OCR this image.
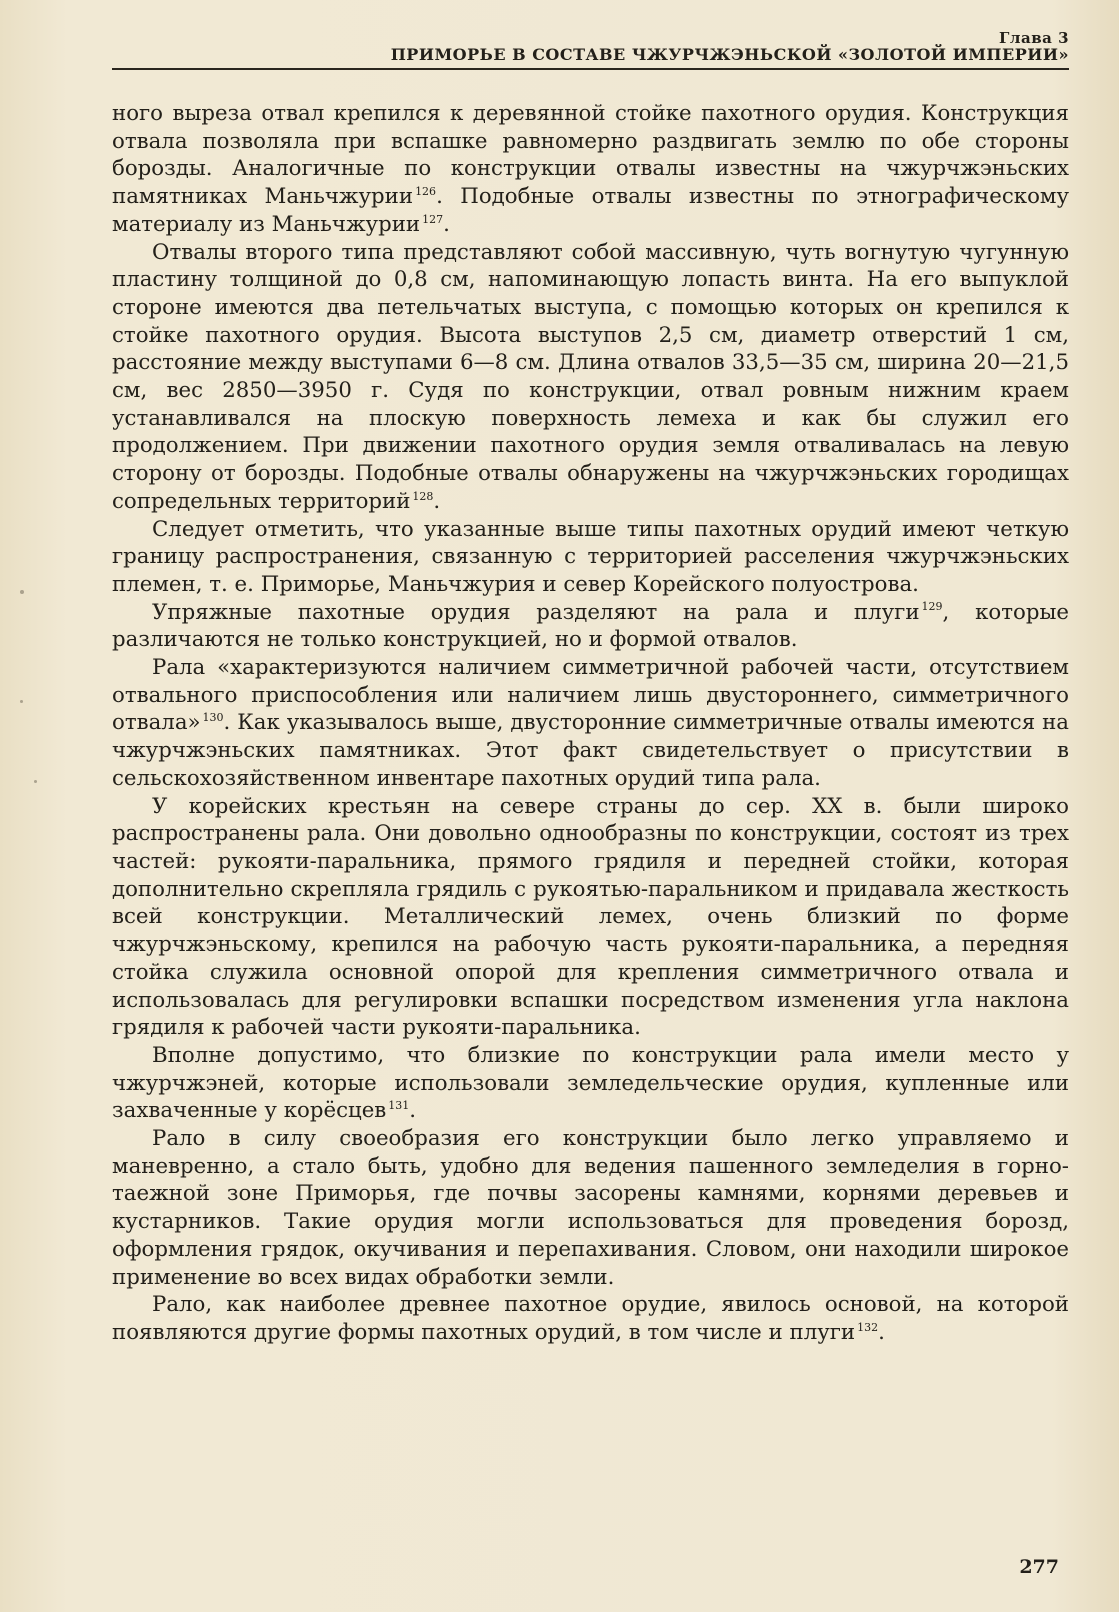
Глава 3
ПРИМОРЬЕ В СОСТАВЕ ЧЖУРЧЖЭНЬСКОЙ «ЗОЛОТОЙ ИМПЕРИИ»

ного выреза отвал крепился к деревянной стойке пахотного орудия. Конструкция отвала позволяла при вспашке равномерно раздвигать землю по обе стороны борозды. Аналогичные по конструкции отвалы известны на чжурчжэньских памятниках Маньчжурии $^{126}$. Подобные отвалы известны по этнографическому материалу из Маньчжурии $^{127}$.

Отвалы второго типа представляют собой массивную, чуть вогнутую чугунную пластину толщиной до 0,8 см, напоминающую лопасть винта. На его выпуклой стороне имеются два петельчатых выступа, с помощью которых он крепился к стойке пахотного орудия. Высота выступов 2,5 см, диаметр отверстий 1 см, расстояние между выступами 6—8 см. Длина отвалов 33,5—35 см, ширина 20—21,5 см, вес 2850—3950 г. Судя по конструкции, отвал ровным нижним краем устанавливался на плоскую поверхность лемеха и как бы служил его продолжением. При движении пахотного орудия земля отваливалась на левую сторону от борозды. Подобные отвалы обнаружены на чжурчжэньских городищах сопредельных территорий $^{128}$.

Следует отметить, что указанные выше типы пахотных орудий имеют четкую границу распространения, связанную с территорией расселения чжурчжэньских племен, т. е. Приморье, Маньчжурия и север Корейского полуострова.

Упряжные пахотные орудия разделяют на рала и плуги $^{129}$, которые различаются не только конструкцией, но и формой отвалов.

Рала «характеризуются наличием симметричной рабочей части, отсутствием отвального приспособления или наличием лишь двустороннего, симметричного отвала» $^{130}$. Как указывалось выше, двусторонние симметричные отвалы имеются на чжурчжэньских памятниках. Этот факт свидетельствует о присутствии в сельскохозяйственном инвентаре пахотных орудий типа рала.

У корейских крестьян на севере страны до сер. XX в. были широко распространены рала. Они довольно однообразны по конструкции, состоят из трех частей: рукояти-паральника, прямого грядиля и передней стойки, которая дополнительно скрепляла грядиль с рукоятью-паральником и придавала жесткость всей конструкции. Металлический лемех, очень близкий по форме чжурчжэньскому, крепился на рабочую часть рукояти-паральника, а передняя стойка служила основной опорой для крепления симметричного отвала и использовалась для регулировки вспашки посредством изменения угла наклона грядиля к рабочей части рукояти-паральника.

Вполне допустимо, что близкие по конструкции рала имели место у чжурчжэней, которые использовали земледельческие орудия, купленные или захваченные у корёсцев $^{131}$.

Рало в силу своеобразия его конструкции было легко управляемо и маневренно, а стало быть, удобно для ведения пашенного земледелия в горно-таежной зоне Приморья, где почвы засорены камнями, корнями деревьев и кустарников. Такие орудия могли использоваться для проведения борозд, оформления грядок, окучивания и перепахивания. Словом, они находили широкое применение во всех видах обработки земли.

Рало, как наиболее древнее пахотное орудие, явилось основой, на которой появляются другие формы пахотных орудий, в том числе и плуги $^{132}$.

277
